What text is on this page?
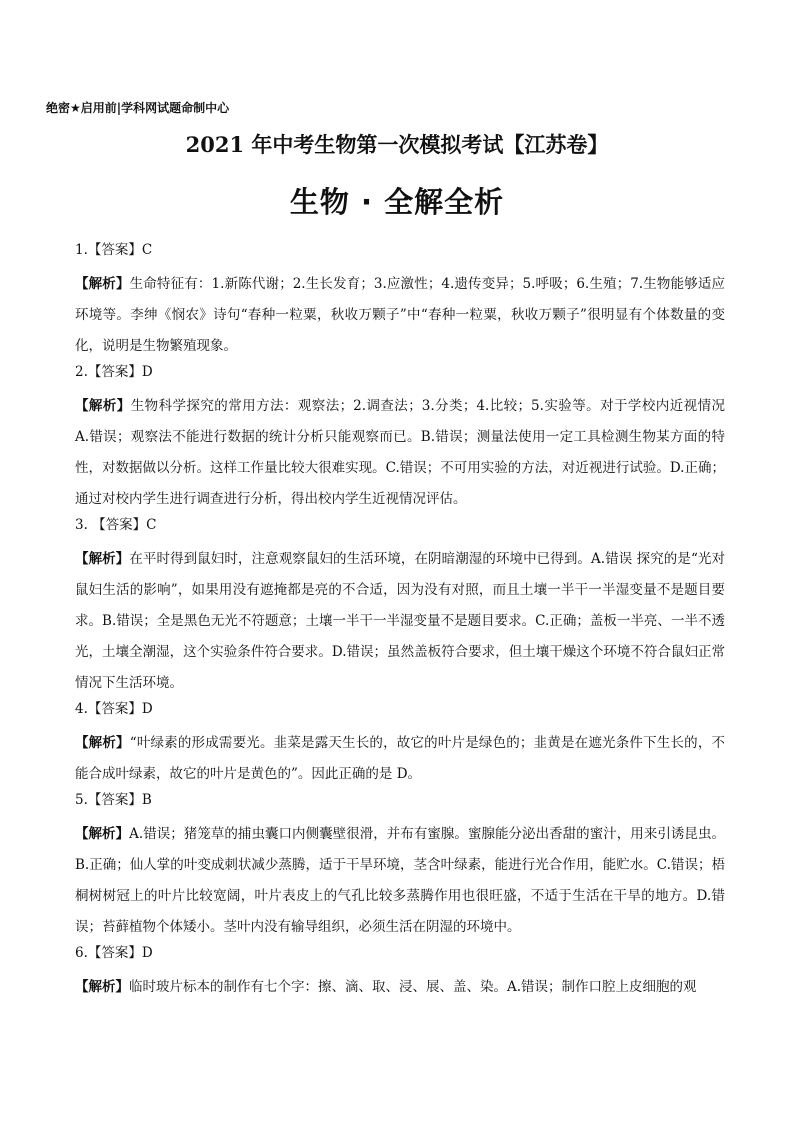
绝密★启用前|学科网试题命制中心
2021 年中考生物第一次模拟考试【江苏卷】
生物 · 全解全析
1.【答案】C
【解析】生命特征有：1.新陈代谢；2.生长发育；3.应激性；4.遗传变异；5.呼吸；6.生殖；7.生物能够适应环境等。李绅《悯农》诗句“春种一粒粟，秋收万颗子”中“春种一粒粟，秋收万颗子”很明显有个体数量的变化，说明是生物繁殖现象。
2.【答案】D
【解析】生物科学探究的常用方法：观察法；2.调查法；3.分类；4.比较；5.实验等。对于学校内近视情况 A.错误；观察法不能进行数据的统计分析只能观察而已。B.错误；测量法使用一定工具检测生物某方面的特性，对数据做以分析。这样工作量比较大很难实现。C.错误；不可用实验的方法，对近视进行试验。D.正确；通过对校内学生进行调查进行分析，得出校内学生近视情况评估。
3. 【答案】C
【解析】在平时得到鼠妇时，注意观察鼠妇的生活环境，在阴暗潮湿的环境中已得到。A.错误 探究的是“光对鼠妇生活的影响”，如果用没有遮掩都是亮的不合适，因为没有对照，而且土壤一半干一半湿变量不是题目要求。B.错误；全是黑色无光不符题意；土壤一半干一半湿变量不是题目要求。C.正确；盖板一半亮、一半不透光，土壤全潮湿，这个实验条件符合要求。D.错误；虽然盖板符合要求，但土壤干燥这个环境不符合鼠妇正常情况下生活环境。
4.【答案】D
【解析】“叶绿素的形成需要光。韭菜是露天生长的，故它的叶片是绿色的；韭黄是在遮光条件下生长的，不能合成叶绿素，故它的叶片是黄色的”。因此正确的是 D。
5.【答案】B
【解析】A.错误；猪笼草的捕虫囊口内侧囊壁很滑，并布有蜜腺。蜜腺能分泌出香甜的蜜汁，用来引诱昆虫。B.正确；仙人掌的叶变成刺状减少蒸腾，适于干旱环境，茎含叶绿素，能进行光合作用，能贮水。C.错误；梧桐树树冠上的叶片比较宽阔，叶片表皮上的气孔比较多蒸腾作用也很旺盛，不适于生活在干旱的地方。D.错误；苔藓植物个体矮小。茎叶内没有输导组织，必须生活在阴湿的环境中。
6.【答案】D
【解析】临时玻片标本的制作有七个字：擦、滴、取、浸、展、盖、染。A.错误；制作口腔上皮细胞的观
